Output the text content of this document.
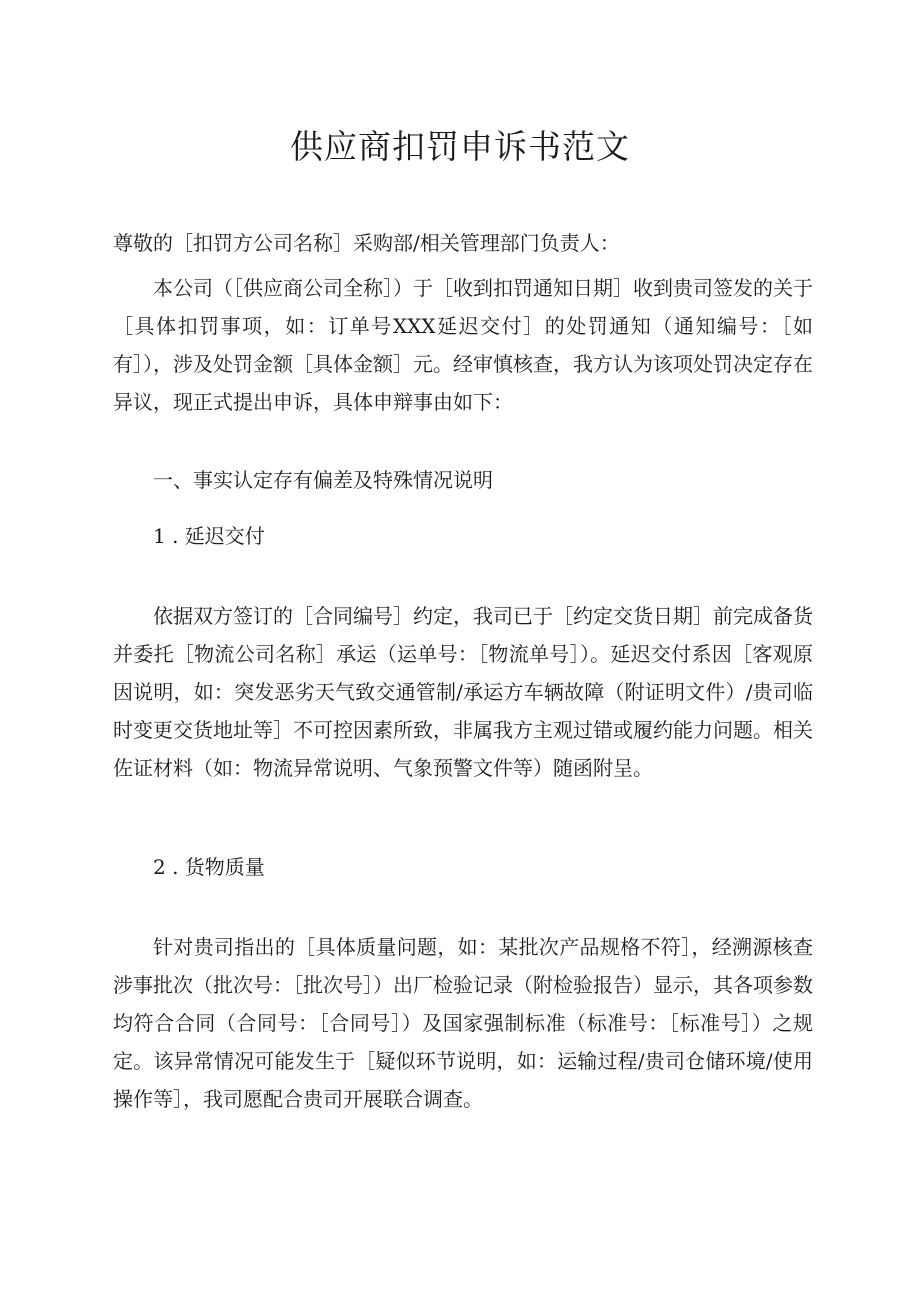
供应商扣罚申诉书范文

尊敬的［扣罚方公司名称］采购部/相关管理部门负责人：

本公司（［供应商公司全称］）于［收到扣罚通知日期］收到贵司签发的关于［具体扣罚事项，如：订单号XXX延迟交付］的处罚通知（通知编号：［如有］），涉及处罚金额［具体金额］元。经审慎核查，我方认为该项处罚决定存在异议，现正式提出申诉，具体申辩事由如下：

一、事实认定存有偏差及特殊情况说明

1 . 延迟交付

依据双方签订的［合同编号］约定，我司已于［约定交货日期］前完成备货并委托［物流公司名称］承运（运单号：［物流单号］）。延迟交付系因［客观原因说明，如：突发恶劣天气致交通管制/承运方车辆故障（附证明文件）/贵司临时变更交货地址等］不可控因素所致，非属我方主观过错或履约能力问题。相关佐证材料（如：物流异常说明、气象预警文件等）随函附呈。

2 . 货物质量

针对贵司指出的［具体质量问题，如：某批次产品规格不符］，经溯源核查涉事批次（批次号：［批次号］）出厂检验记录（附检验报告）显示，其各项参数均符合合同（合同号：［合同号］）及国家强制标准（标准号：［标准号］）之规定。该异常情况可能发生于［疑似环节说明，如：运输过程/贵司仓储环境/使用操作等］，我司愿配合贵司开展联合调查。
